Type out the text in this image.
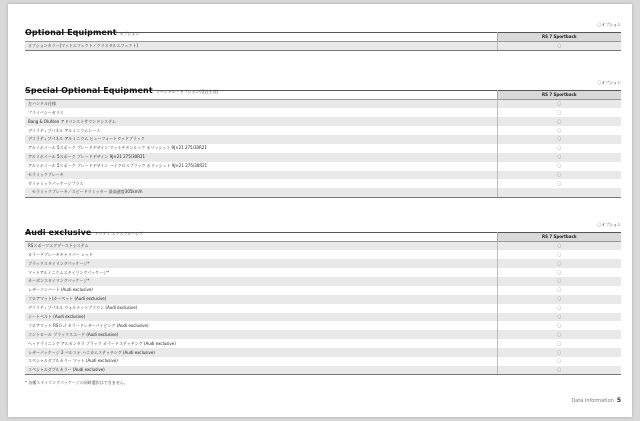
Optional Equipment オプション
〇オプション
	RS 7 Sportback
オプションカラー[マットエフェクト／クリスタルエフェクト]	〇
Special Optional Equipment スペシャル・オプション(受注生産)
〇オプション
	RS 7 Sportback
左ハンドル仕様	〇
プライバシーガラス	〇
Bang & Olufsen アドバンストサウンドシステム	〇
デコラティブパネル アルミニウムレース	〇
デコラティブパネル アルミニウム ヒューフォートウッドブラック	〇
アルミホイール 5スポーク ブレードデザイン マットチタンルック ポリッシュト 9J×21 275/30R21	〇
アルミホイール 5スポーク ブレードデザイン 9J×21 275/30R21	〇
アルミホイール 5スポーク ブレードデザイン ハイグロスブラック ポリッシュト 9J×21 275/30R21	〇
セラミックブレーキ	〇
ダイナミックパッケージプラス	〇
　セラミックブレーキ／スピードリミッター 最高速度305km/h	
Audi exclusive アウディ エクスクルーシブ
〇オプション
	RS 7 Sportback
RSスポーツエグゾーストシステム	〇
カラードブレーキキャリパー レッド	〇
ブラックスタイリングパッケージ*	〇
マットアルミニウムスタイリングパッケージ*	〇
カーボンスタイリングパッケージ*	〇
レザーコンバート (Audi exclusive)	〇
フロアマット/カーペット (Audi exclusive)	〇
デコラティブパネル ウォルナットブラウン (Audi exclusive)	〇
シートベルト (Audi exclusive)	〇
フロアマット RSロゴ カラードレザーパイピング (Audi exclusive)	〇
コントロール ブラックスエード (Audi exclusive)	〇
ヘッドライニング アルカンタラ ブラック カラードステッチング (Audi exclusive)	〇
レザーパッケージ 2 バルコナ ハニカムステッチング (Audi exclusive)	〇
スペシャルダブルカラー マット (Audi exclusive)	〇
スペシャルダブルカラー (Audi exclusive)	〇
* 各種スタイリングパッケージの同時選択はできません。
Data Information 5
